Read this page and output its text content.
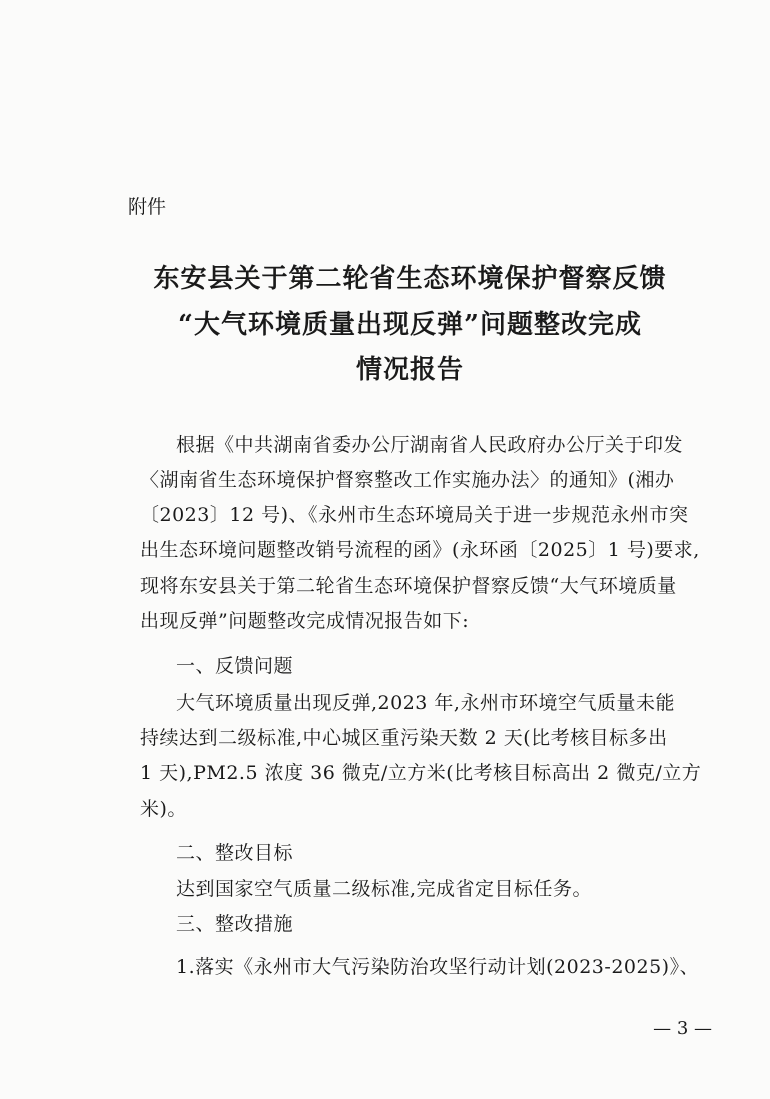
附件
东安县关于第二轮省生态环境保护督察反馈
“大气环境质量出现反弹”问题整改完成
情况报告
根据《中共湖南省委办公厅湖南省人民政府办公厅关于印发
〈湖南省生态环境保护督察整改工作实施办法〉的通知》(湘办
〔2023〕12 号)、《永州市生态环境局关于进一步规范永州市突
出生态环境问题整改销号流程的函》(永环函〔2025〕1 号)要求,
现将东安县关于第二轮省生态环境保护督察反馈“大气环境质量
出现反弹”问题整改完成情况报告如下:
一、反馈问题
大气环境质量出现反弹,2023 年,永州市环境空气质量未能
持续达到二级标准,中心城区重污染天数 2 天(比考核目标多出
1 天),PM2.5 浓度 36 微克/立方米(比考核目标高出 2 微克/立方
米)。
二、整改目标
达到国家空气质量二级标准,完成省定目标任务。
三、整改措施
1.落实《永州市大气污染防治攻坚行动计划(2023-2025)》、
— 3 —
